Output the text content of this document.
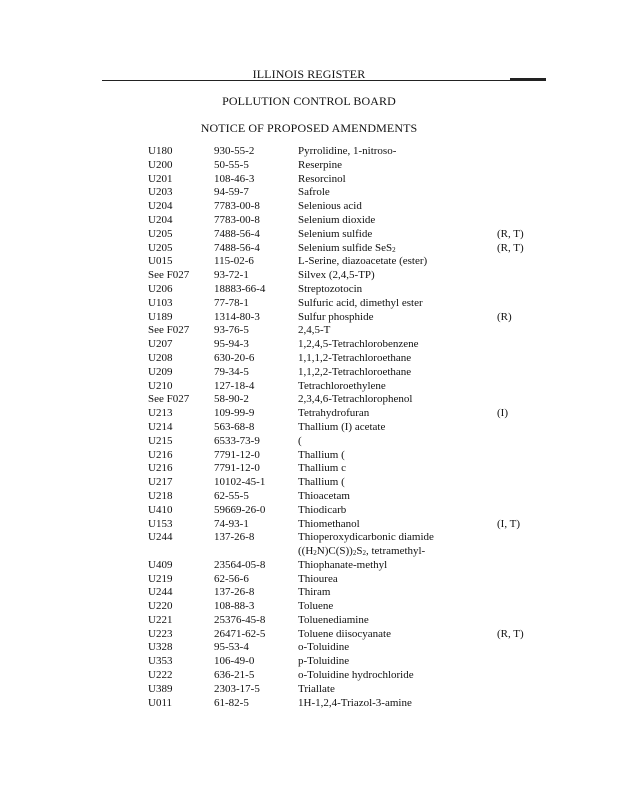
ILLINOIS REGISTER
POLLUTION CONTROL BOARD
NOTICE OF PROPOSED AMENDMENTS
U180	930-55-2	Pyrrolidine, 1-nitroso-
U200	50-55-5	Reserpine
U201	108-46-3	Resorcinol
U203	94-59-7	Safrole
U204	7783-00-8	Selenious acid
U204	7783-00-8	Selenium dioxide
U205	7488-56-4	Selenium sulfide	(R, T)
U205	7488-56-4	Selenium sulfide SeS$_2$	(R, T)
U015	115-02-6	L-Serine, diazoacetate (ester)
See F027 93-72-1	Silvex (2,4,5-TP)
U206	18883-66-4	Streptozotocin
U103	77-78-1	Sulfuric acid, dimethyl ester
U189	1314-80-3	Sulfur phosphide	(R)
See F027 93-76-5	2,4,5-T
U207	95-94-3	1,2,4,5-Tetrachlorobenzene
U208	630-20-6	1,1,1,2-Tetrachloroethane
U209	79-34-5	1,1,2,2-Tetrachloroethane
U210	127-18-4	Tetrachloroethylene
See F027 58-90-2	2,3,4,6-Tetrachlorophenol
U213	109-99-9	Tetrahydrofuran	(I)
U214	563-68-8	Thallium (I) acetate
U215	6533-73-9	(
U216	7791-12-0	Thallium (
U216	7791-12-0	Thallium c
U217	10102-45-1	Thallium (
U218	62-55-5	Thioacetam
U410	59669-26-0	Thiodicarb
U153	74-93-1	Thiomethanol	(I, T)
U244	137-26-8	Thioperoxydicarbonic diamide
$((H_2N)C(S))_2S_2$, tetramethyl-
U409	23564-05-8	Thiophanate-methyl
U219	62-56-6	Thiourea
U244	137-26-8	Thiram
U220	108-88-3	Toluene
U221	25376-45-8	Toluenediamine
U223	26471-62-5	Toluene diisocyanate	(R, T)
U328	95-53-4	o-Toluidine
U353	106-49-0	p-Toluidine
U222	636-21-5	o-Toluidine hydrochloride
U389	2303-17-5	Triallate
U011	61-82-5	1H-1,2,4-Triazol-3-amine
